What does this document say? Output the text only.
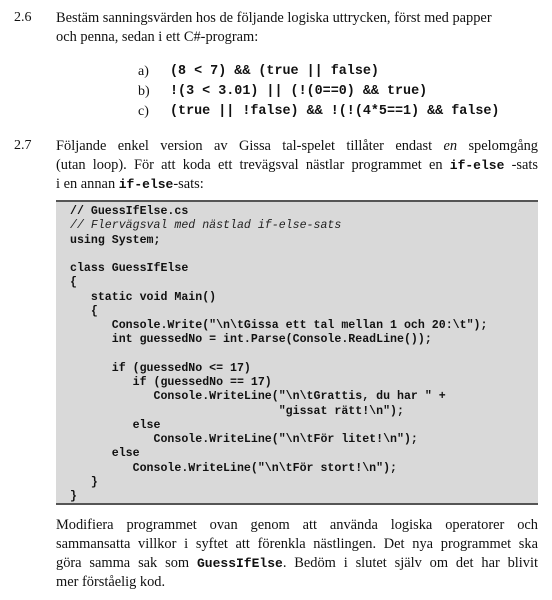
2.6 Bestäm sanningsvärden hos de följande logiska uttrycken, först med papper
och penna, sedan i ett C#-program:
a) (8 < 7) && (true || false)
b) !(3 < 3.01) || (!(0==0) && true)
c) (true || !false) && !(!(4*5==1) && false)
2.7 Följande enkel version av Gissa tal-spelet tillåter endast en spelomgång
(utan loop). För att koda ett trevägsval nästlar programmet en if-else -sats
i en annan if-else-sats:
// GuessIfElse.cs
// Flervägsval med nästlad if-else-sats
using System;
class GuessIfElse
{
static void Main()
{
Console.Write("\n\tGissa ett tal mellan 1 och 20:\t");
int guessedNo = int.Parse(Console.ReadLine());
if (guessedNo <= 17)
if (guessedNo == 17)
Console.WriteLine("\n\tGrattis, du har " +
"gissat rätt!\n");
else
Console.WriteLine("\n\tFör litet!\n");
else
Console.WriteLine("\n\tFör stort!\n");
}
}
Modifiera programmet ovan genom att använda logiska operatorer och
sammansatta villkor i syftet att förenkla nästlingen. Det nya programmet ska
göra samma sak som GuessIfElse. Bedöm i slutet själv om det har blivit
mer förståelig kod.
